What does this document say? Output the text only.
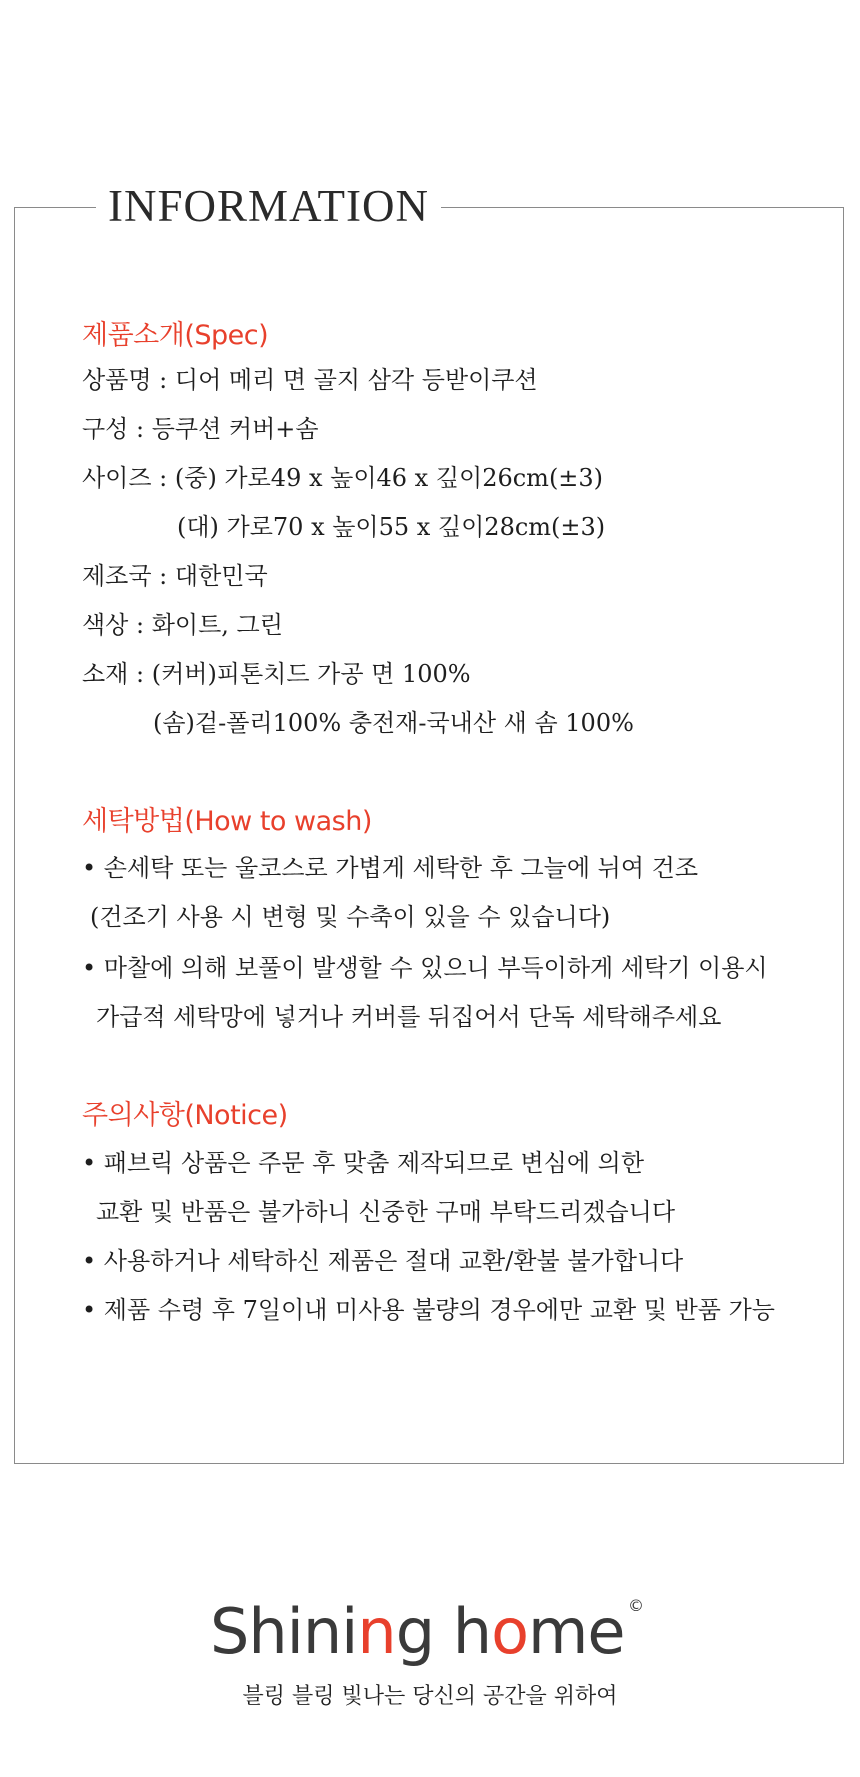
INFORMATION
제품소개(Spec)
상품명 : 디어 메리 면 골지 삼각 등받이쿠션
구성 : 등쿠션 커버+솜
사이즈 : (중) 가로49 x 높이46 x 깊이26cm(±3)
(대) 가로70 x 높이55 x 깊이28cm(±3)
제조국 : 대한민국
색상 : 화이트, 그린
소재 : (커버)피톤치드 가공 면 100%
(솜)겉-폴리100% 충전재-국내산 새 솜 100%
세탁방법(How to wash)
• 손세탁 또는 울코스로 가볍게 세탁한 후 그늘에 뉘여 건조
(건조기 사용 시 변형 및 수축이 있을 수 있습니다)
• 마찰에 의해 보풀이 발생할 수 있으니 부득이하게 세탁기 이용시
가급적 세탁망에 넣거나 커버를 뒤집어서 단독 세탁해주세요
주의사항(Notice)
• 패브릭 상품은 주문 후 맞춤 제작되므로 변심에 의한
교환 및 반품은 불가하니 신중한 구매 부탁드리겠습니다
• 사용하거나 세탁하신 제품은 절대 교환/환불 불가합니다
• 제품 수령 후 7일이내 미사용 불량의 경우에만 교환 및 반품 가능
Shining home ©
블링 블링 빛나는 당신의 공간을 위하여
